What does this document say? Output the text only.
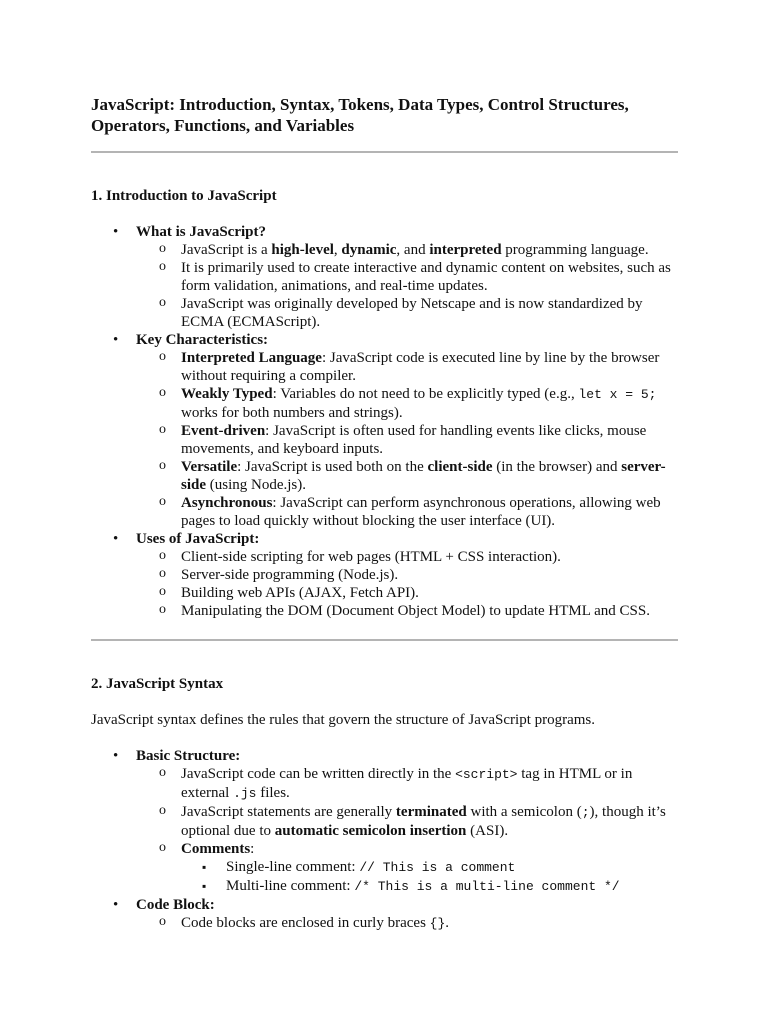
JavaScript: Introduction, Syntax, Tokens, Data Types, Control Structures, Operators, Functions, and Variables
1. Introduction to JavaScript
• What is JavaScript?
o JavaScript is a high-level, dynamic, and interpreted programming language.
o It is primarily used to create interactive and dynamic content on websites, such as form validation, animations, and real-time updates.
o JavaScript was originally developed by Netscape and is now standardized by ECMA (ECMAScript).
• Key Characteristics:
o Interpreted Language: JavaScript code is executed line by line by the browser without requiring a compiler.
o Weakly Typed: Variables do not need to be explicitly typed (e.g., let x = 5; works for both numbers and strings).
o Event-driven: JavaScript is often used for handling events like clicks, mouse movements, and keyboard inputs.
o Versatile: JavaScript is used both on the client-side (in the browser) and server-side (using Node.js).
o Asynchronous: JavaScript can perform asynchronous operations, allowing web pages to load quickly without blocking the user interface (UI).
• Uses of JavaScript:
o Client-side scripting for web pages (HTML + CSS interaction).
o Server-side programming (Node.js).
o Building web APIs (AJAX, Fetch API).
o Manipulating the DOM (Document Object Model) to update HTML and CSS.
2. JavaScript Syntax

JavaScript syntax defines the rules that govern the structure of JavaScript programs.

• Basic Structure:
o JavaScript code can be written directly in the <script> tag in HTML or in external .js files.
o JavaScript statements are generally terminated with a semicolon (;), though it’s optional due to automatic semicolon insertion (ASI).
o Comments:
▪ Single-line comment: // This is a comment
▪ Multi-line comment: /* This is a multi-line comment */
• Code Block:
o Code blocks are enclosed in curly braces {}.
